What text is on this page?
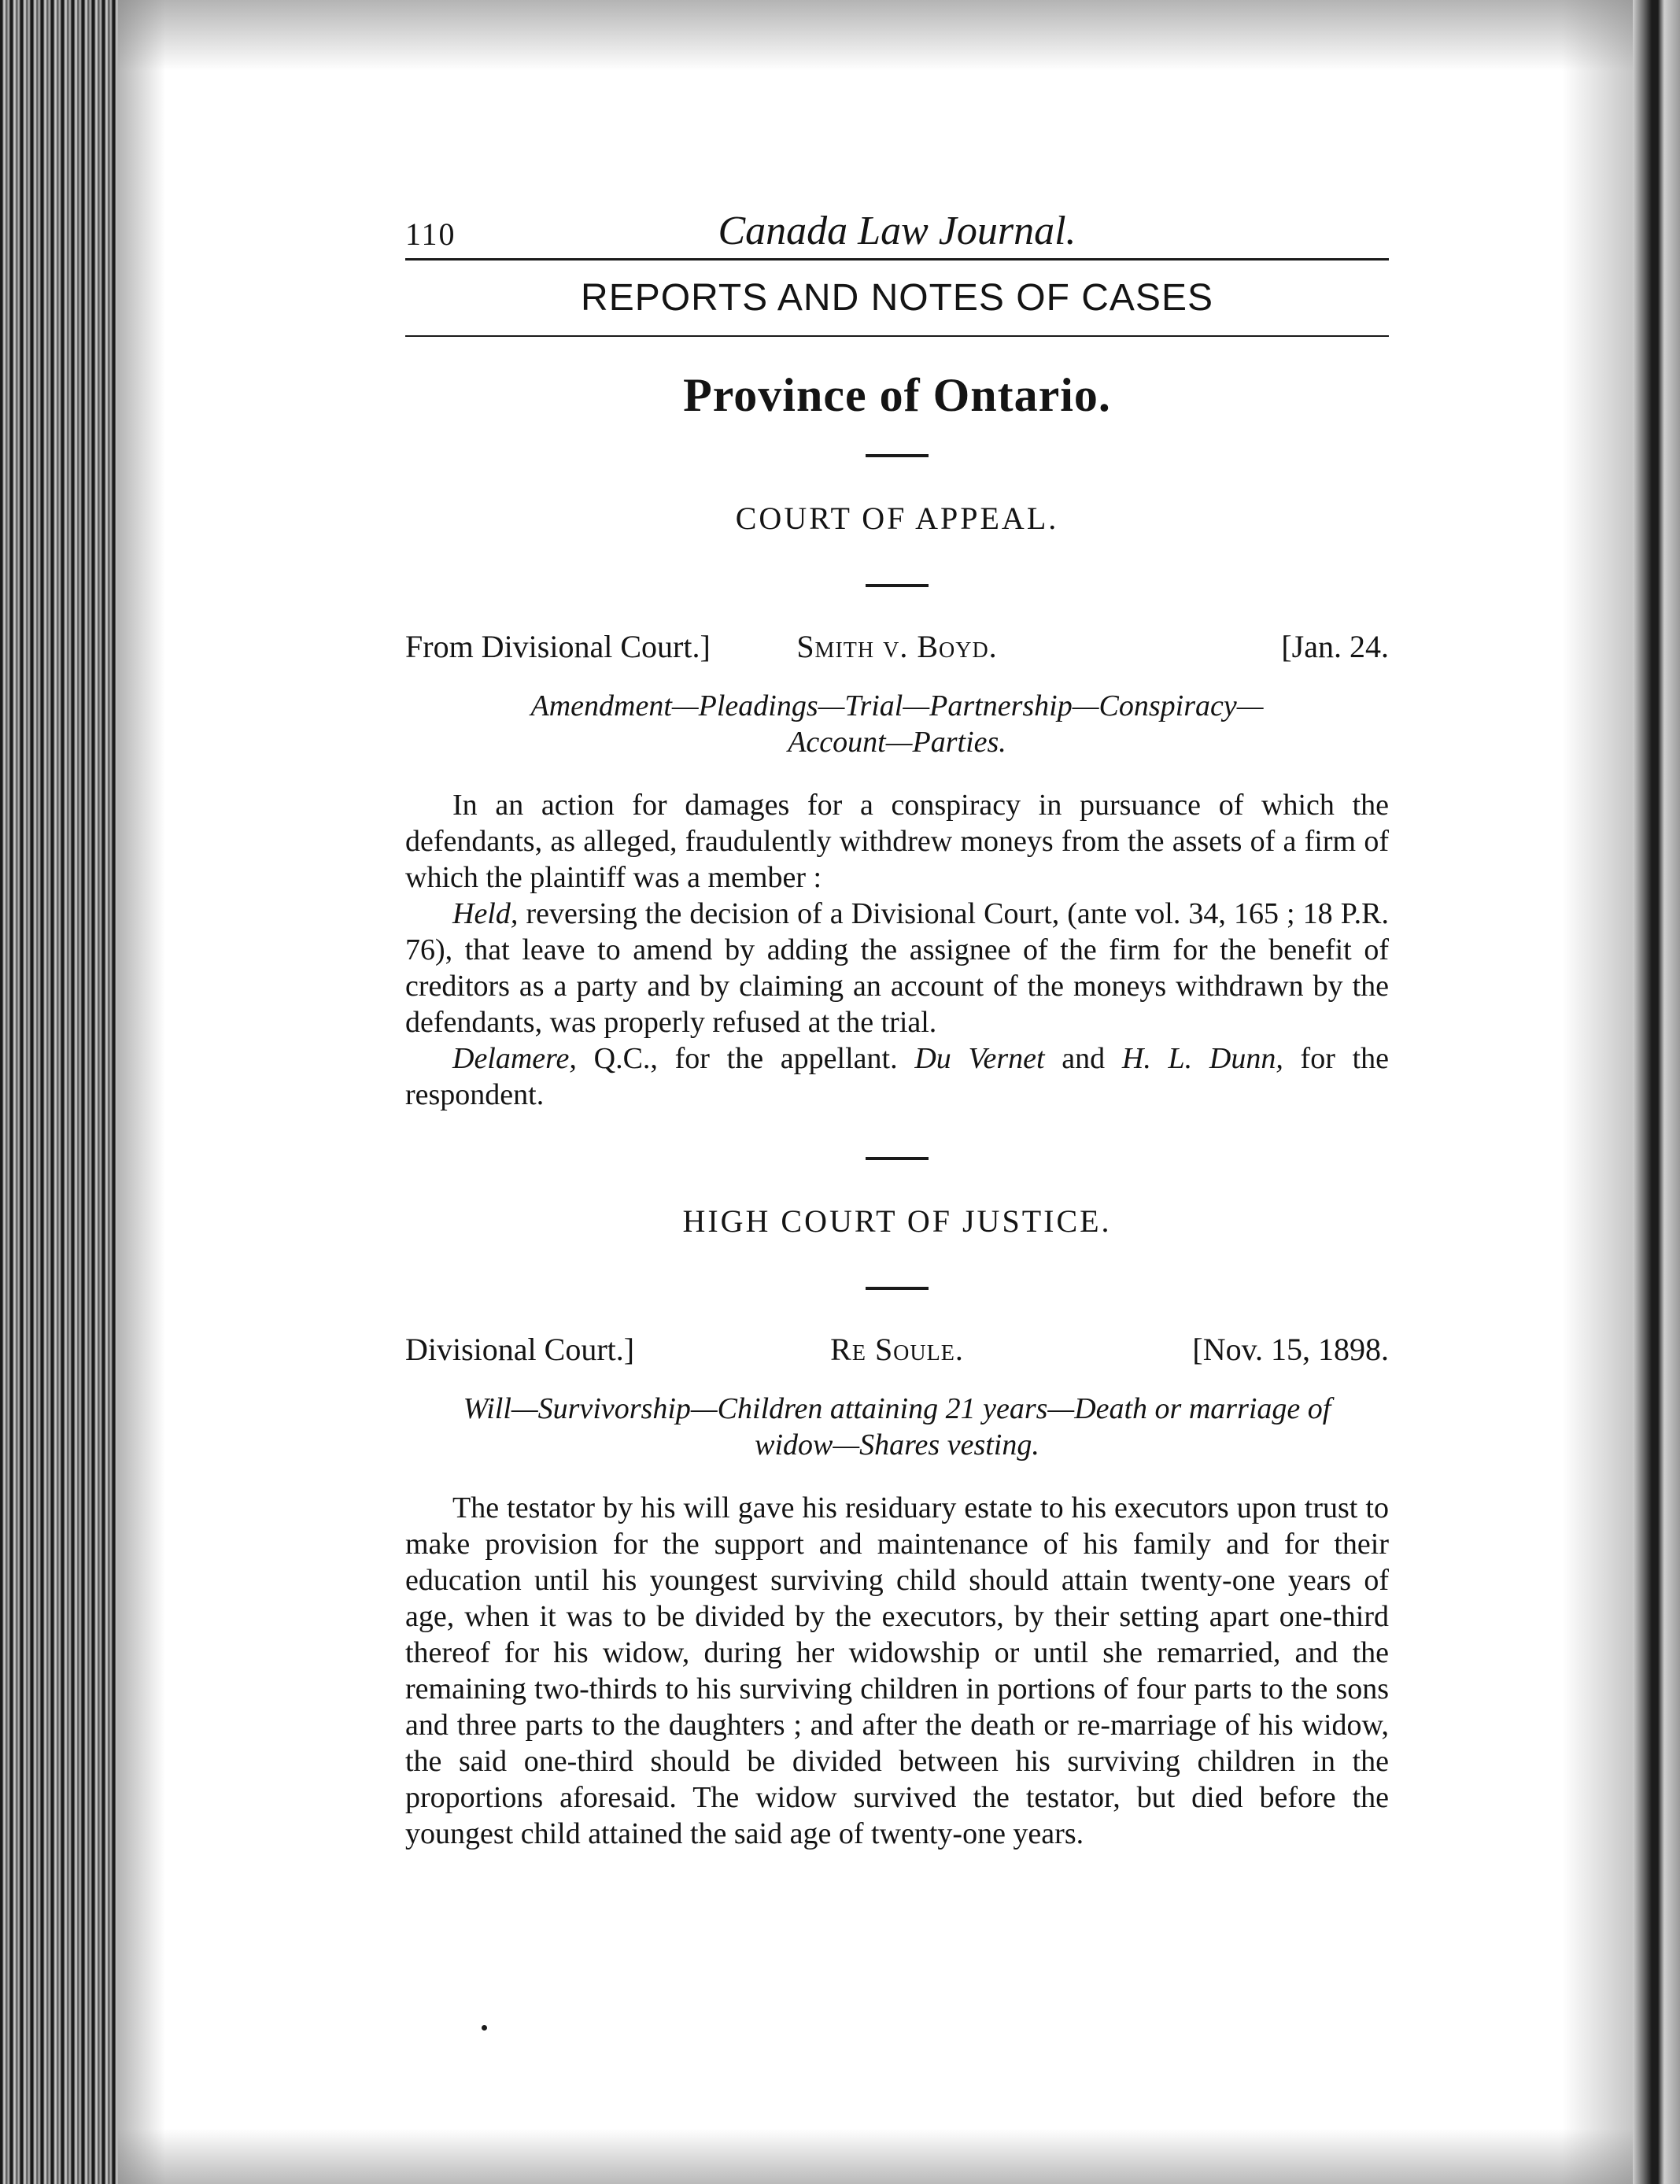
110	Canada Law Journal.
REPORTS AND NOTES OF CASES
Province of Ontario.
COURT OF APPEAL.
From Divisional Court.]	Smith v. Boyd.	[Jan. 24.
Amendment—Pleadings—Trial—Partnership—Conspiracy—
Account—Parties.

In an action for damages for a conspiracy in pursuance of which the defendants, as alleged, fraudulently withdrew moneys from the assets of a firm of which the plaintiff was a member :

Held, reversing the decision of a Divisional Court, (ante vol. 34, 165 ; 18 P.R. 76), that leave to amend by adding the assignee of the firm for the benefit of creditors as a party and by claiming an account of the moneys withdrawn by the defendants, was properly refused at the trial.

Delamere, Q.C., for the appellant. Du Vernet and H. L. Dunn, for the respondent.

HIGH COURT OF JUSTICE.
Divisional Court.]	Re Soule.	[Nov. 15, 1898.
Will—Survivorship—Children attaining 21 years—Death or marriage of
widow—Shares vesting.

The testator by his will gave his residuary estate to his executors upon trust to make provision for the support and maintenance of his family and for their education until his youngest surviving child should attain twenty-one years of age, when it was to be divided by the executors, by their setting apart one-third thereof for his widow, during her widowship or until she remarried, and the remaining two-thirds to his surviving children in portions of four parts to the sons and three parts to the daughters ; and after the death or re-marriage of his widow, the said one-third should be divided between his surviving children in the proportions aforesaid. The widow survived the testator, but died before the youngest child attained the said age of twenty-one years.
